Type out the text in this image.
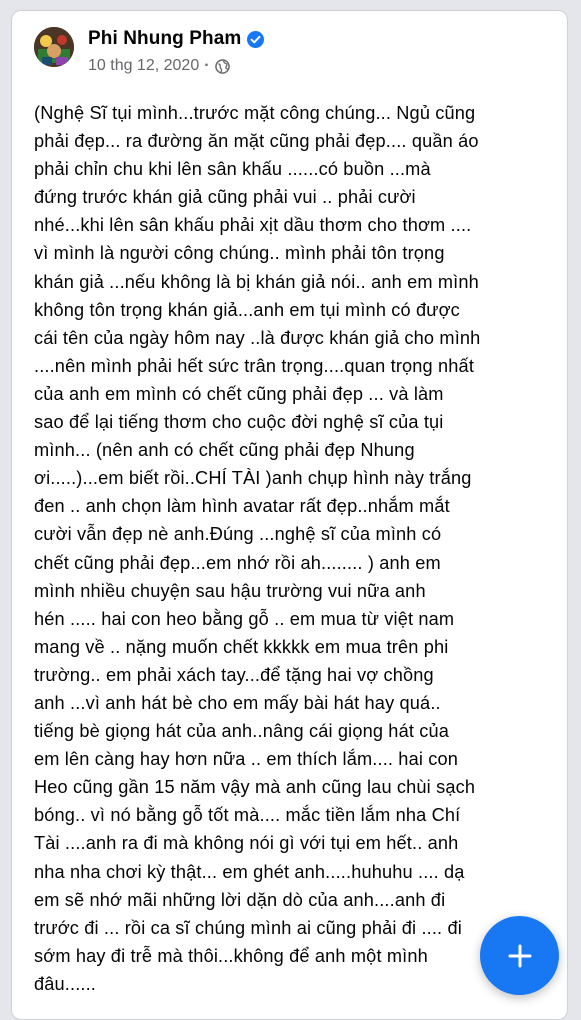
Phi Nhung Pham
10 thg 12, 2020 ·
(Nghệ Sĩ tụi mình...trước mặt công chúng... Ngủ cũng
phải đẹp... ra đường ăn mặt cũng phải đẹp.... quần áo
phải chỉn chu khi lên sân khấu ......có buồn ...mà
đứng trước khán giả cũng phải vui .. phải cười
nhé...khi lên sân khấu phải xịt dầu thơm cho thơm ....
vì mình là người công chúng.. mình phải tôn trọng
khán giả ...nếu không là bị khán giả nói.. anh em mình
không tôn trọng khán giả...anh em tụi mình có được
cái tên của ngày hôm nay ..là được khán giả cho mình
....nên mình phải hết sức trân trọng....quan trọng nhất
của anh em mình có chết cũng phải đẹp ... và làm
sao để lại tiếng thơm cho cuộc đời nghệ sĩ của tụi
mình... (nên anh có chết cũng phải đẹp Nhung
ơi.....)...em biết rồi..CHÍ TÀI )anh chụp hình này trắng
đen .. anh chọn làm hình avatar rất đẹp..nhắm mắt
cười vẫn đẹp nè anh.Đúng ...nghệ sĩ của mình có
chết cũng phải đẹp...em nhớ rồi ah........ ) anh em
mình nhiều chuyện sau hậu trường vui nữa anh
hén ..... hai con heo bằng gỗ .. em mua từ việt nam
mang về .. nặng muốn chết kkkkk em mua trên phi
trường.. em phải xách tay...để tặng hai vợ chồng
anh ...vì anh hát bè cho em mấy bài hát hay quá..
tiếng bè giọng hát của anh..nâng cái giọng hát của
em lên càng hay hơn nữa .. em thích lắm.... hai con
Heo cũng gần 15 năm vậy mà anh cũng lau chùi sạch
bóng.. vì nó bằng gỗ tốt mà.... mắc tiền lắm nha Chí
Tài ....anh ra đi mà không nói gì với tụi em hết.. anh
nha nha chơi kỳ thật... em ghét anh.....huhuhu .... dạ
em sẽ nhớ mãi những lời dặn dò của anh....anh đi
trước đi ... rồi ca sĩ chúng mình ai cũng phải đi .... đi
sớm hay đi trễ mà thôi...không để anh một mình
đâu......
